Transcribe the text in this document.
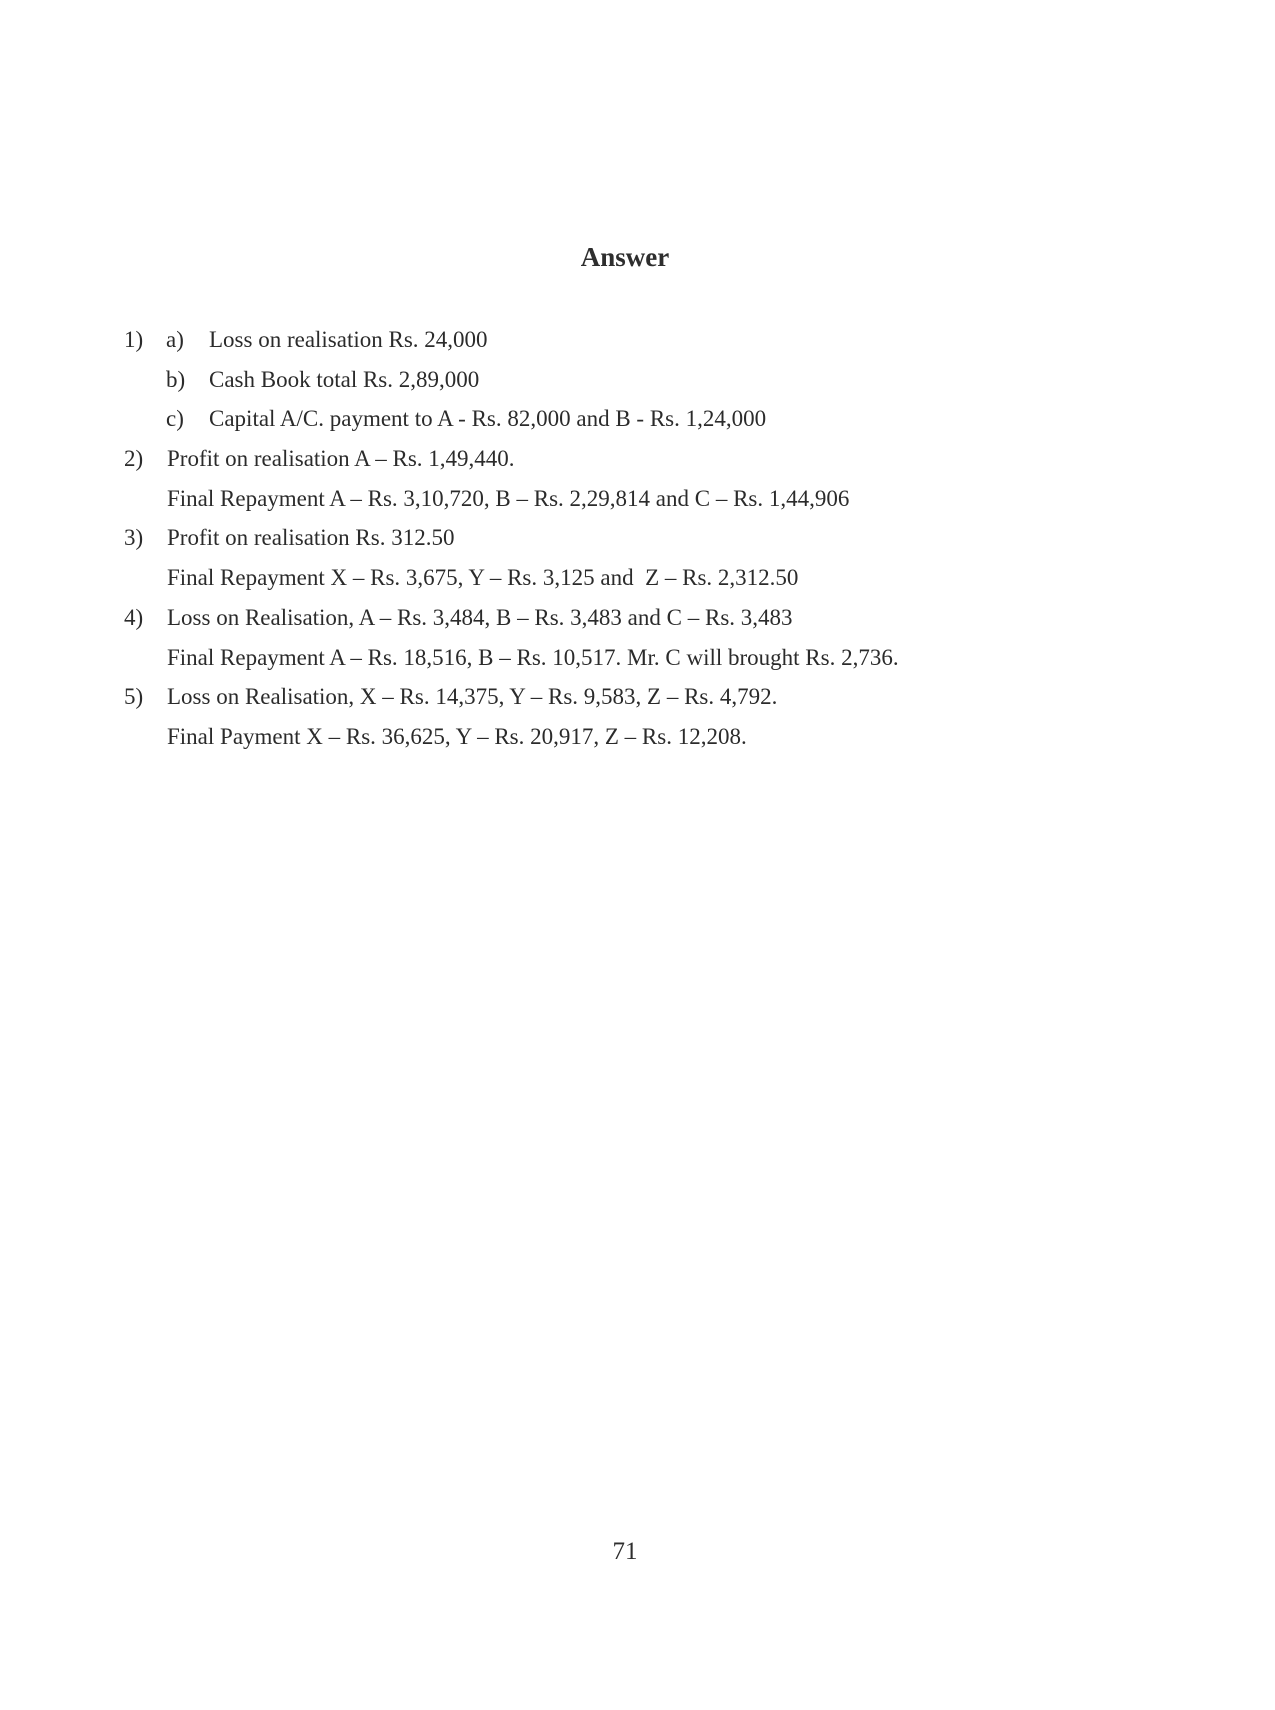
Answer
1) a) Loss on realisation Rs. 24,000
b) Cash Book total Rs. 2,89,000
c) Capital A/C. payment to A - Rs. 82,000 and B - Rs. 1,24,000
2) Profit on realisation A – Rs. 1,49,440.
Final Repayment A – Rs. 3,10,720, B – Rs. 2,29,814 and C – Rs. 1,44,906
3) Profit on realisation Rs. 312.50
Final Repayment X – Rs. 3,675, Y – Rs. 3,125 and  Z – Rs. 2,312.50
4) Loss on Realisation, A – Rs. 3,484, B – Rs. 3,483 and C – Rs. 3,483
Final Repayment A – Rs. 18,516, B – Rs. 10,517. Mr. C will brought Rs. 2,736.
5) Loss on Realisation, X – Rs. 14,375, Y – Rs. 9,583, Z – Rs. 4,792.
Final Payment X – Rs. 36,625, Y – Rs. 20,917, Z – Rs. 12,208.
71
